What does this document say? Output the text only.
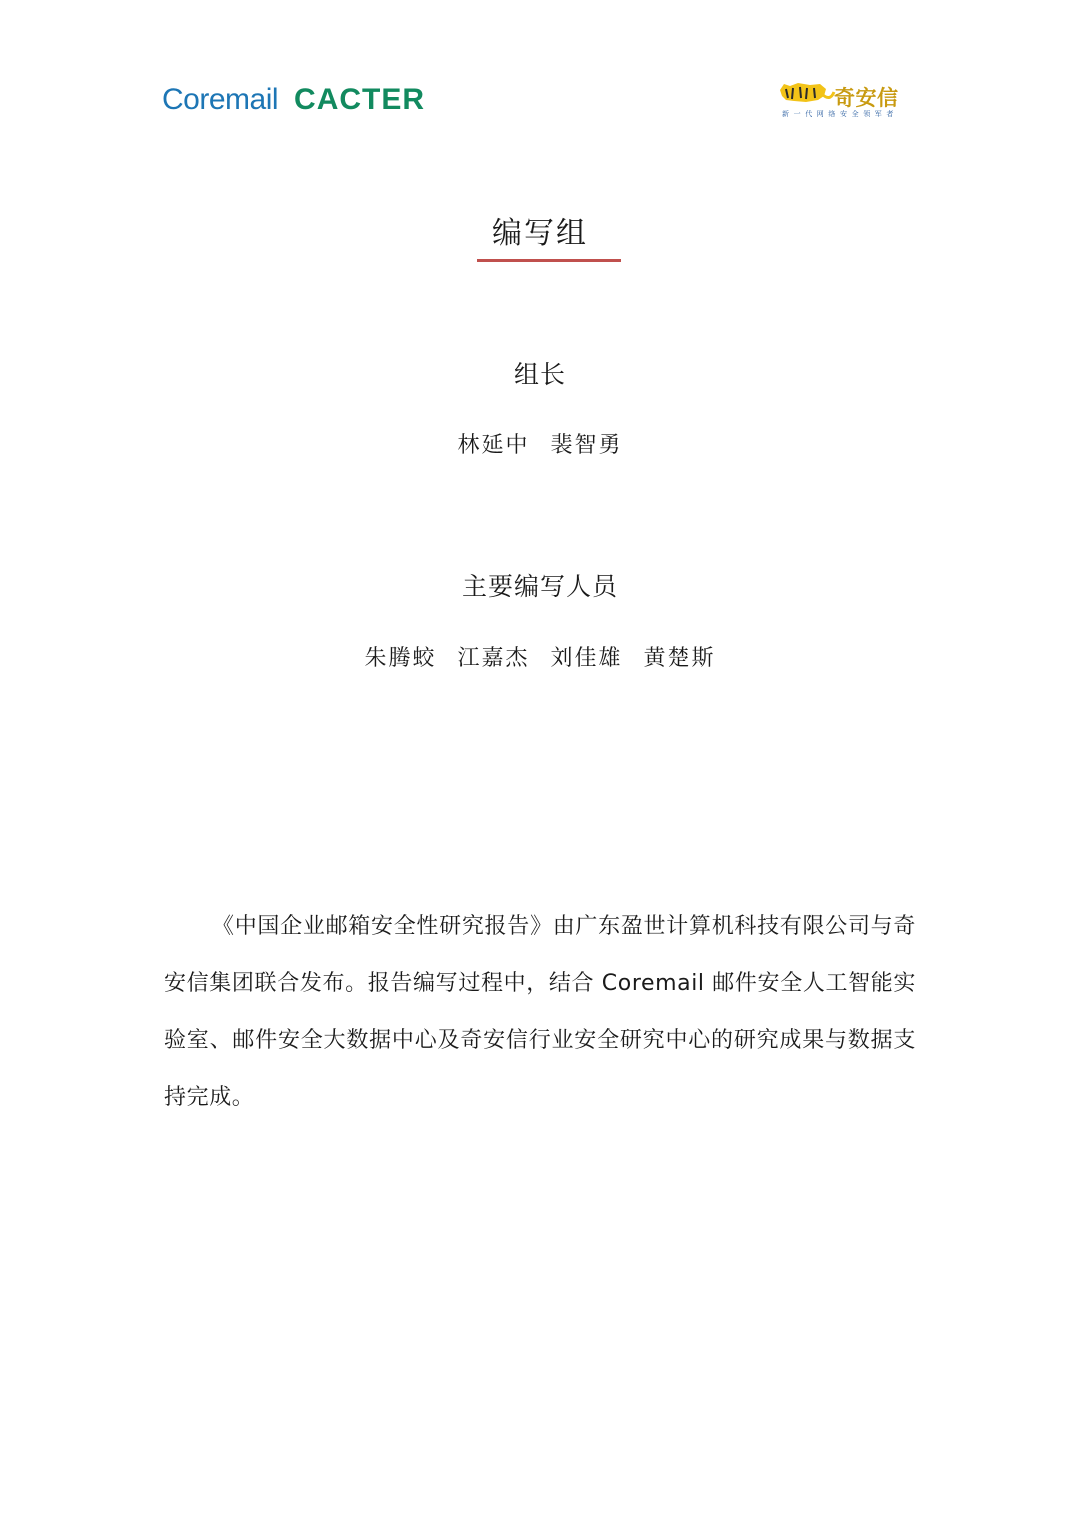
Coremail CACTER	奇安信
新一代网络安全领军者
编写组
组长
林延中 裴智勇
主要编写人员
朱腾蛟 江嘉杰 刘佳雄 黄楚斯

《中国企业邮箱安全性研究报告》由广东盈世计算机科技有限公司与奇安信集团联合发布。报告编写过程中，结合 Coremail 邮件安全人工智能实验室、邮件安全大数据中心及奇安信行业安全研究中心的研究成果与数据支持完成。
